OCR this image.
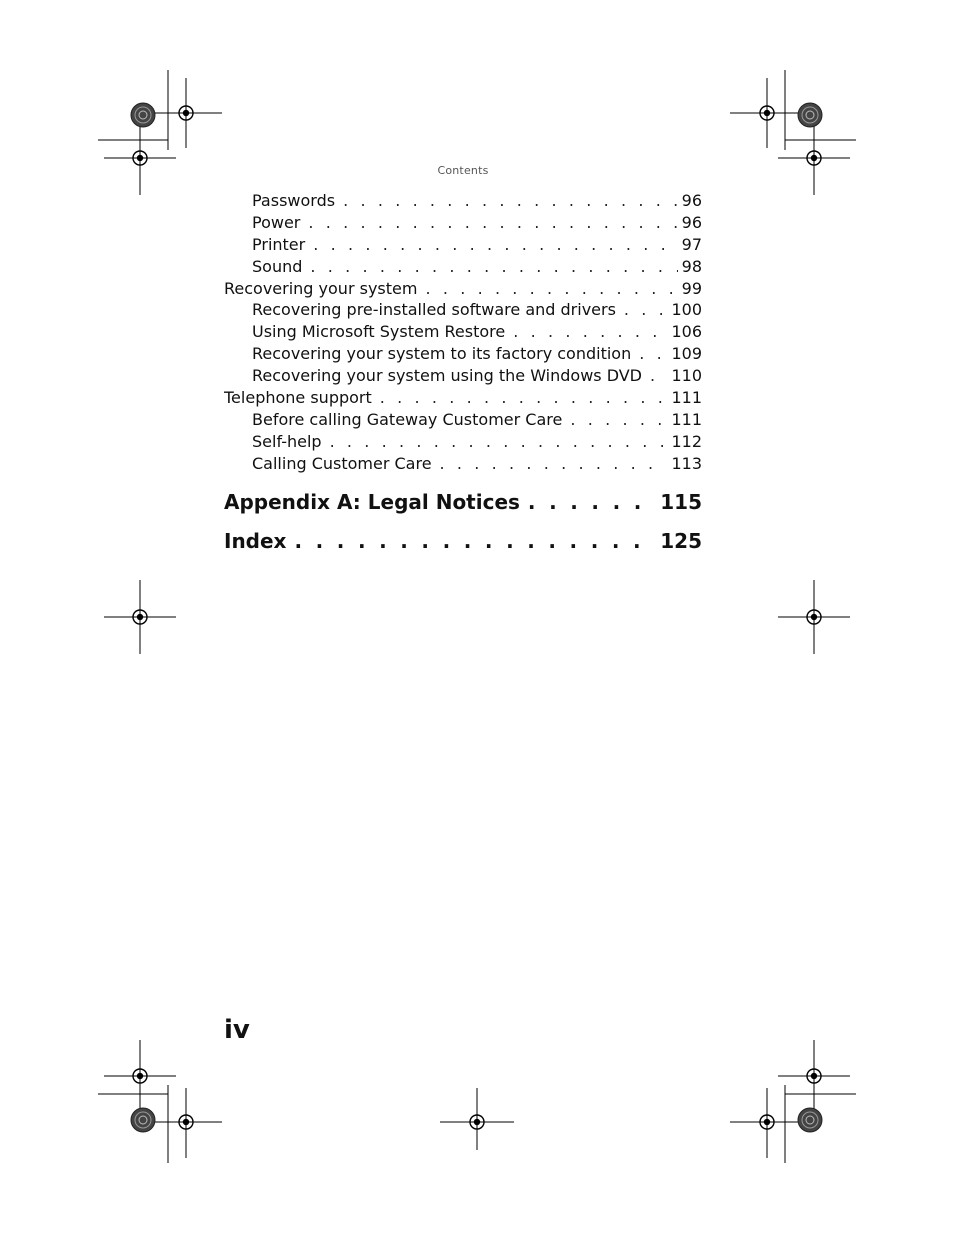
Contents
Passwords . . .	96
Power . . .	96
Printer . . .	97
Sound . . .	98
Recovering your system . . .	99
Recovering pre-installed software and drivers . . .	100
Using Microsoft System Restore . . .	106
Recovering your system to its factory condition . . .	109
Recovering your system using the Windows DVD . . . 110
Telephone support . . .	111
Before calling Gateway Customer Care . . .	111
Self-help . . .	112
Calling Customer Care . . .	113
Appendix A: Legal Notices . . .	115
Index . . .	125
iv
